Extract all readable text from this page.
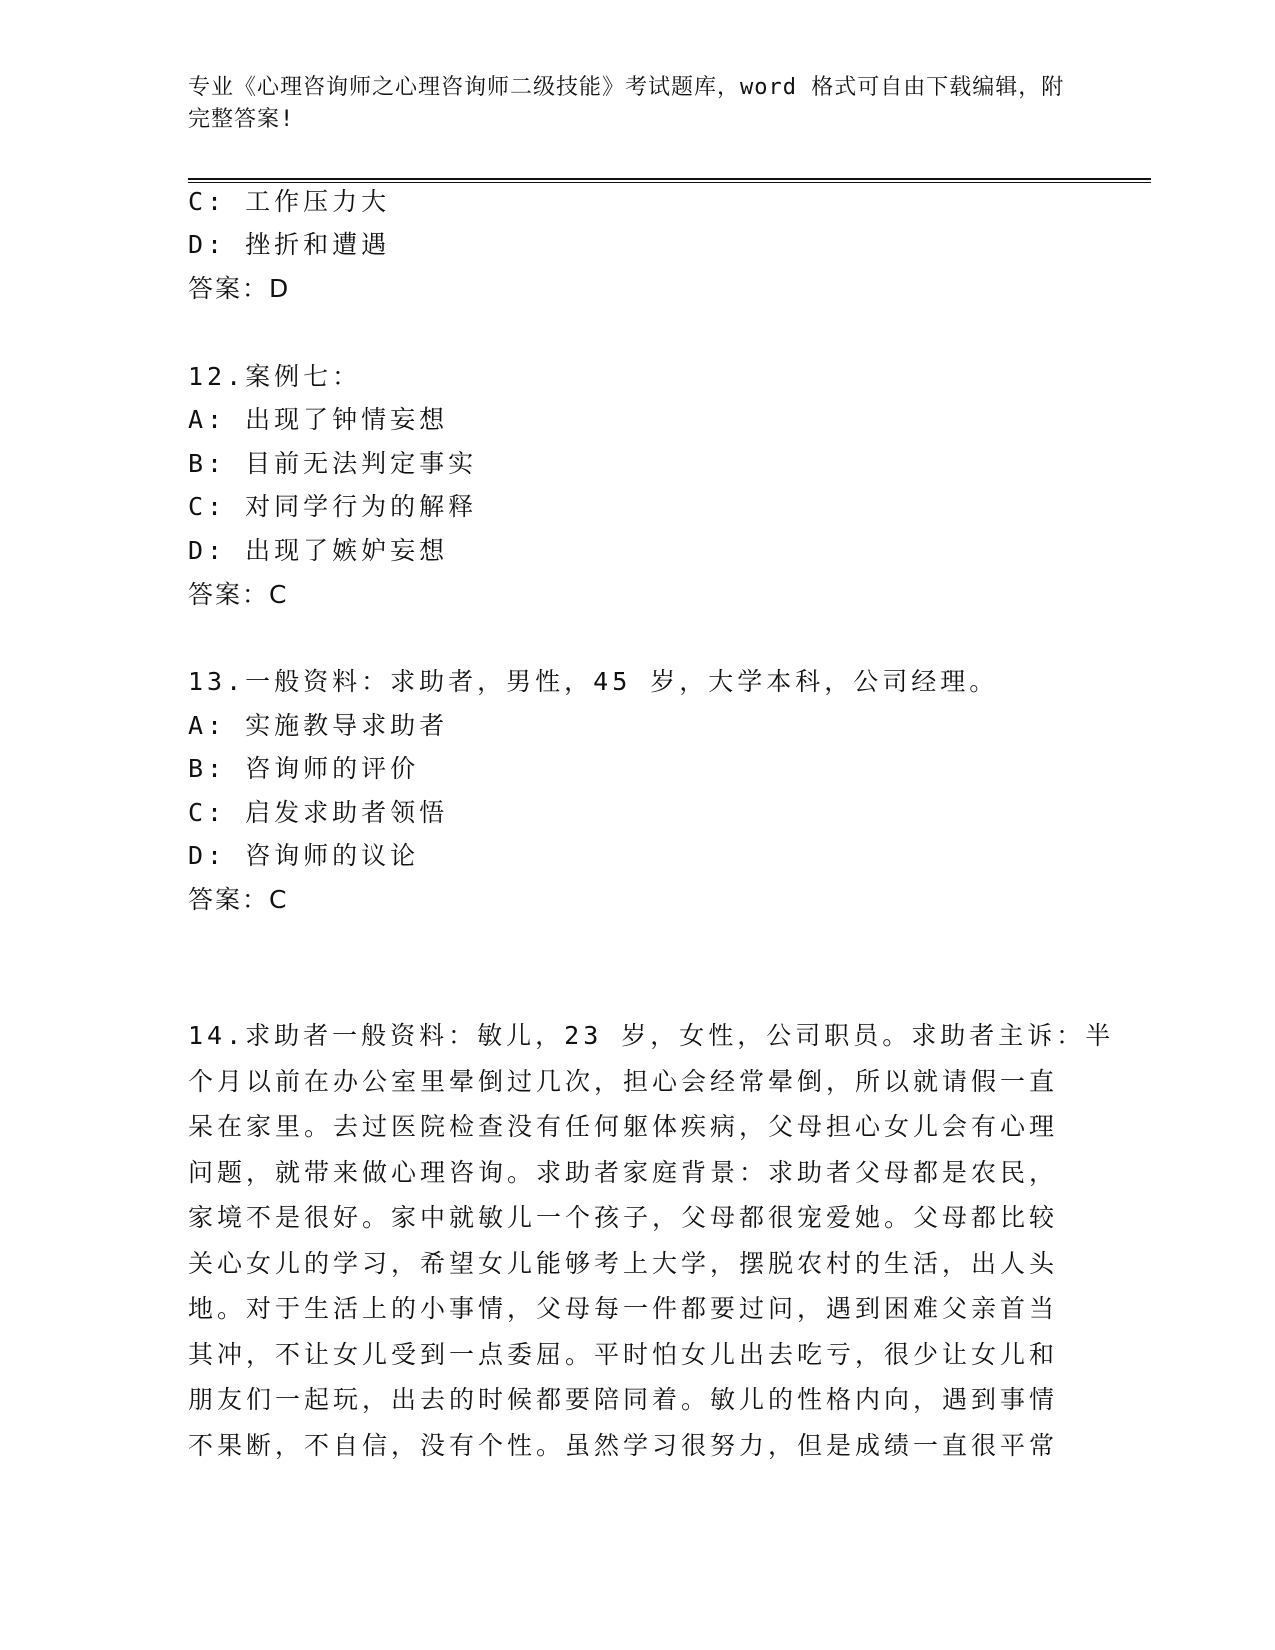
专业《心理咨询师之心理咨询师二级技能》考试题库，word 格式可自由下载编辑，附完整答案!
C: 工作压力大
D: 挫折和遭遇
答案：D
12.案例七：
A: 出现了钟情妄想
B: 目前无法判定事实
C: 对同学行为的解释
D: 出现了嫉妒妄想
答案：C
13.一般资料：求助者，男性，45 岁，大学本科，公司经理。
A: 实施教导求助者
B: 咨询师的评价
C: 启发求助者领悟
D: 咨询师的议论
答案：C
14.求助者一般资料：敏儿，23 岁，女性，公司职员。求助者主诉：半
个月以前在办公室里晕倒过几次，担心会经常晕倒，所以就请假一直
呆在家里。去过医院检查没有任何躯体疾病，父母担心女儿会有心理
问题，就带来做心理咨询。求助者家庭背景：求助者父母都是农民，
家境不是很好。家中就敏儿一个孩子，父母都很宠爱她。父母都比较
关心女儿的学习，希望女儿能够考上大学，摆脱农村的生活，出人头
地。对于生活上的小事情，父母每一件都要过问，遇到困难父亲首当
其冲，不让女儿受到一点委屈。平时怕女儿出去吃亏，很少让女儿和
朋友们一起玩，出去的时候都要陪同着。敏儿的性格内向，遇到事情
不果断，不自信，没有个性。虽然学习很努力，但是成绩一直很平常
